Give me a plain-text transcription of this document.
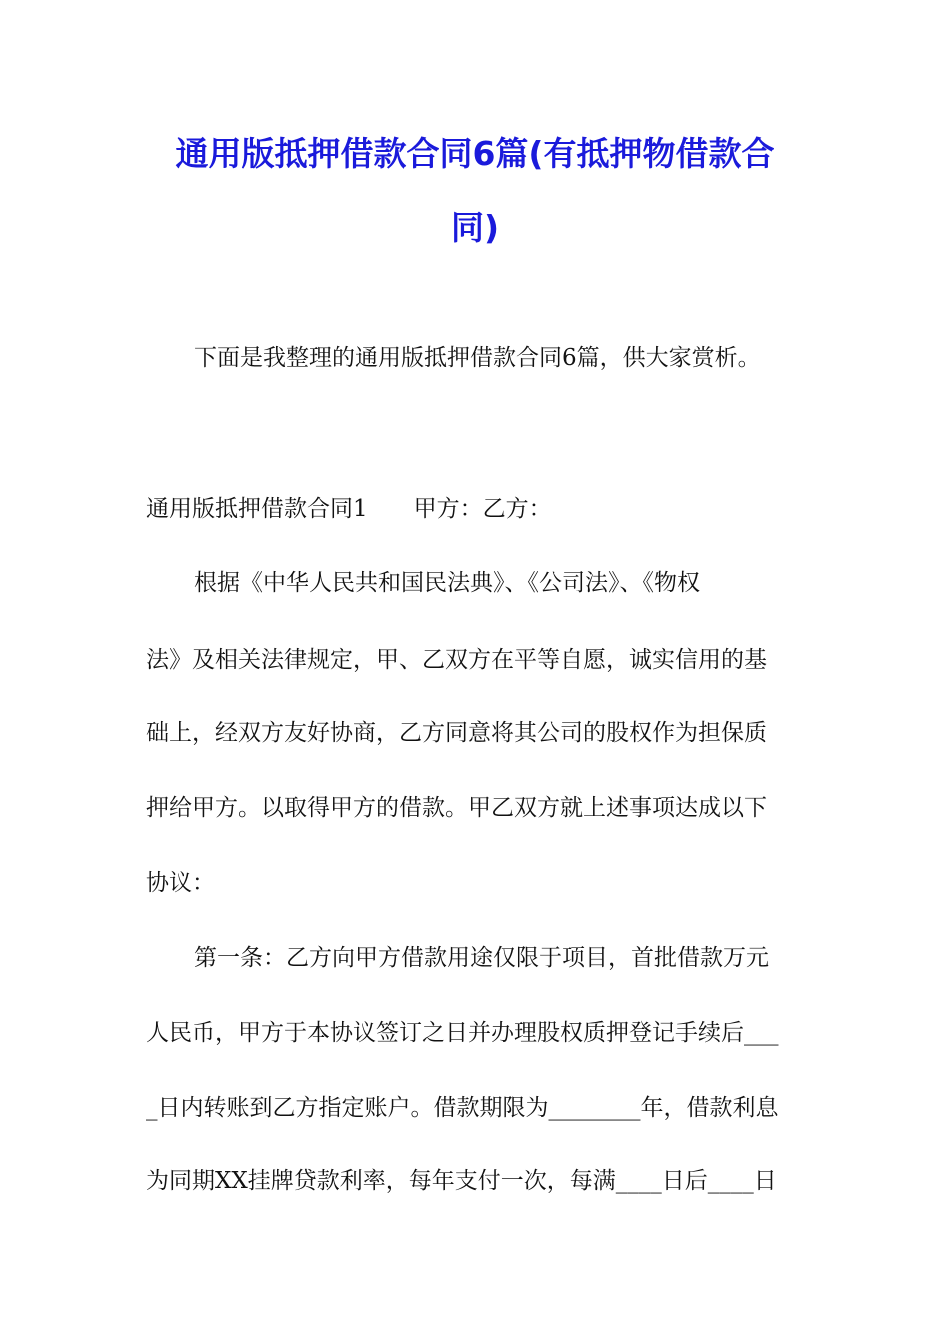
通用版抵押借款合同6篇(有抵押物借款合
同)
下面是我整理的通用版抵押借款合同6篇，供大家赏析。
通用版抵押借款合同1　　甲方：乙方：
根据《中华人民共和国民法典》、《公司法》、《物权
法》及相关法律规定，甲、乙双方在平等自愿，诚实信用的基
础上，经双方友好协商，乙方同意将其公司的股权作为担保质
押给甲方。以取得甲方的借款。甲乙双方就上述事项达成以下
协议：
第一条：乙方向甲方借款用途仅限于项目，首批借款万元
人民币，甲方于本协议签订之日并办理股权质押登记手续后___
_日内转账到乙方指定账户。借款期限为________年，借款利息
为同期XX挂牌贷款利率，每年支付一次，每满____日后____日
